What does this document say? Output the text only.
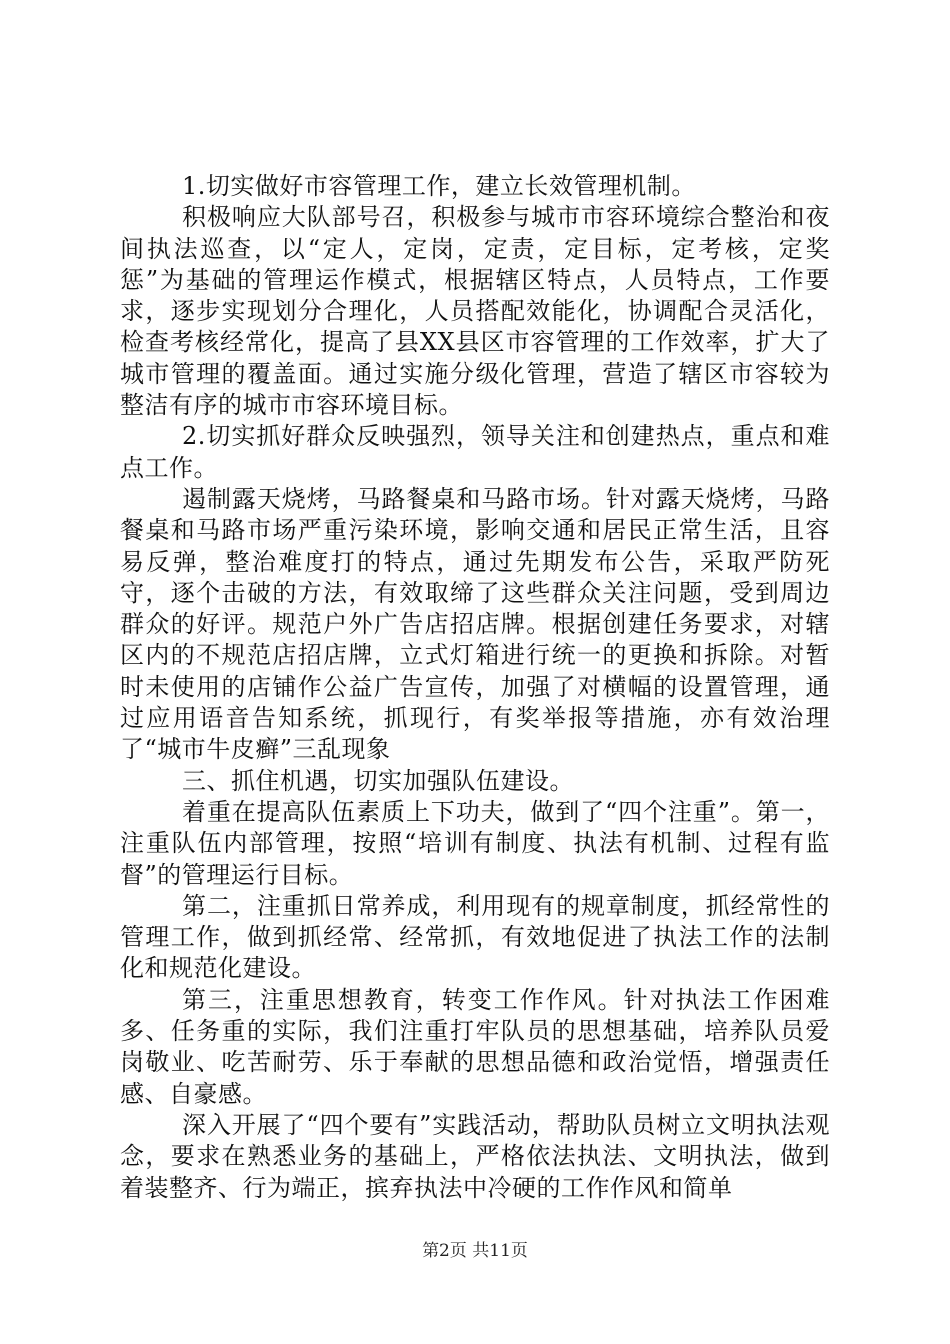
1.切实做好市容管理工作，建立长效管理机制。

积极响应大队部号召，积极参与城市市容环境综合整治和夜间执法巡查，以“定人，定岗，定责，定目标，定考核，定奖惩”为基础的管理运作模式，根据辖区特点，人员特点，工作要求，逐步实现划分合理化，人员搭配效能化，协调配合灵活化，检查考核经常化，提高了县XX县区市容管理的工作效率，扩大了城市管理的覆盖面。通过实施分级化管理，营造了辖区市容较为整洁有序的城市市容环境目标。

2.切实抓好群众反映强烈，领导关注和创建热点，重点和难点工作。

遏制露天烧烤，马路餐桌和马路市场。针对露天烧烤，马路餐桌和马路市场严重污染环境，影响交通和居民正常生活，且容易反弹，整治难度打的特点，通过先期发布公告，采取严防死守，逐个击破的方法，有效取缔了这些群众关注问题，受到周边群众的好评。规范户外广告店招店牌。根据创建任务要求，对辖区内的不规范店招店牌，立式灯箱进行统一的更换和拆除。对暂时未使用的店铺作公益广告宣传，加强了对横幅的设置管理，通过应用语音告知系统，抓现行，有奖举报等措施，亦有效治理了“城市牛皮癣”三乱现象

三、抓住机遇，切实加强队伍建设。

着重在提高队伍素质上下功夫，做到了“四个注重”。第一，注重队伍内部管理，按照“培训有制度、执法有机制、过程有监督”的管理运行目标。

第二，注重抓日常养成，利用现有的规章制度，抓经常性的管理工作，做到抓经常、经常抓，有效地促进了执法工作的法制化和规范化建设。

第三，注重思想教育，转变工作作风。针对执法工作困难多、任务重的实际，我们注重打牢队员的思想基础，培养队员爱岗敬业、吃苦耐劳、乐于奉献的思想品德和政治觉悟，增强责任感、自豪感。

深入开展了“四个要有”实践活动，帮助队员树立文明执法观念，要求在熟悉业务的基础上，严格依法执法、文明执法，做到着装整齐、行为端正，摈弃执法中冷硬的工作作风和简单

第2页 共11页
